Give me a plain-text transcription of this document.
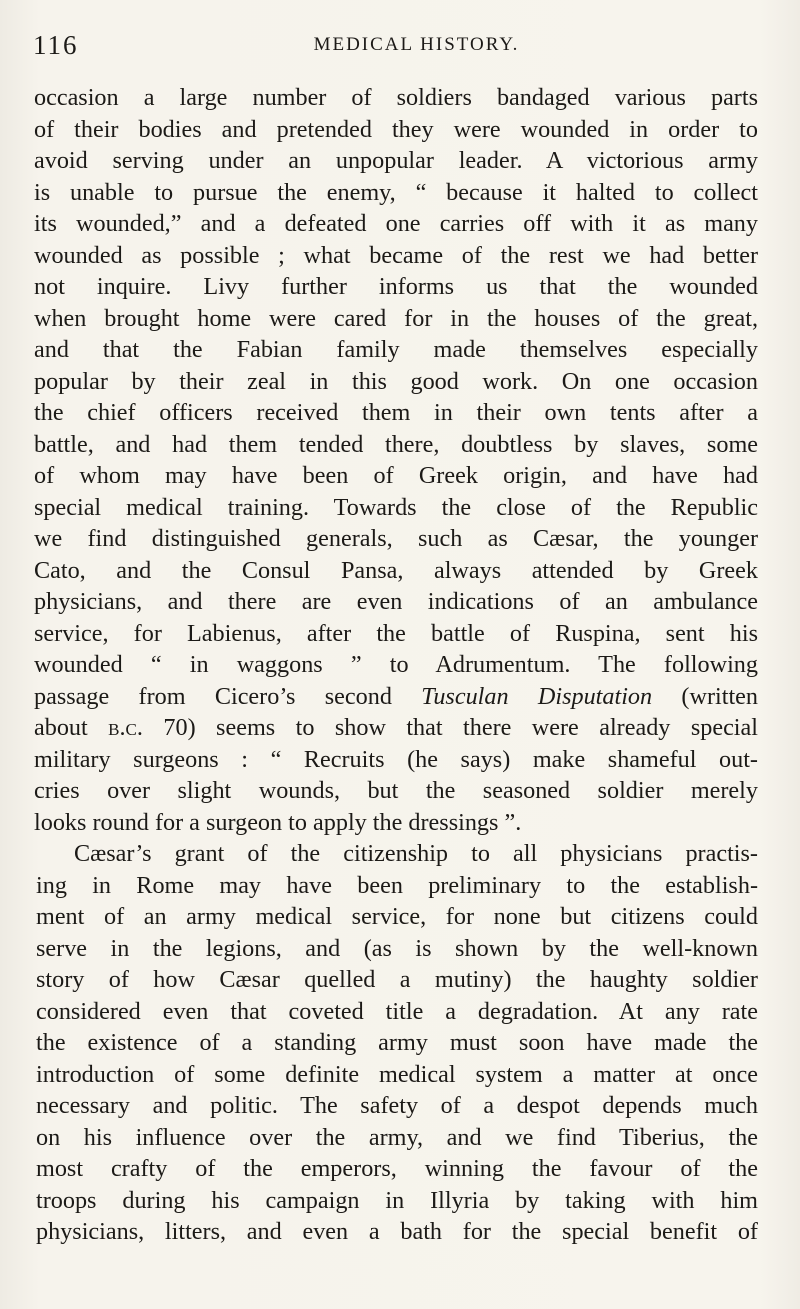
116	MEDICAL HISTORY.
occasion a large number of soldiers bandaged various parts
of their bodies and pretended they were wounded in order to
avoid serving under an unpopular leader. A victorious army
is unable to pursue the enemy, “ because it halted to collect
its wounded,” and a defeated one carries off with it as many
wounded as possible ; what became of the rest we had better
not inquire. Livy further informs us that the wounded
when brought home were cared for in the houses of the great,
and that the Fabian family made themselves especially
popular by their zeal in this good work. On one occasion
the chief officers received them in their own tents after a
battle, and had them tended there, doubtless by slaves, some
of whom may have been of Greek origin, and have had
special medical training. Towards the close of the Republic
we find distinguished generals, such as Cæsar, the younger
Cato, and the Consul Pansa, always attended by Greek
physicians, and there are even indications of an ambulance
service, for Labienus, after the battle of Ruspina, sent his
wounded “ in waggons ” to Adrumentum. The following
passage from Cicero’s second Tusculan Disputation (written
about b.c. 70) seems to show that there were already special
military surgeons : “ Recruits (he says) make shameful out-
cries over slight wounds, but the seasoned soldier merely
looks round for a surgeon to apply the dressings ”.
Cæsar’s grant of the citizenship to all physicians practis-
ing in Rome may have been preliminary to the establish-
ment of an army medical service, for none but citizens could
serve in the legions, and (as is shown by the well-known
story of how Cæsar quelled a mutiny) the haughty soldier
considered even that coveted title a degradation. At any rate
the existence of a standing army must soon have made the
introduction of some definite medical system a matter at once
necessary and politic. The safety of a despot depends much
on his influence over the army, and we find Tiberius, the
most crafty of the emperors, winning the favour of the
troops during his campaign in Illyria by taking with him
physicians, litters, and even a bath for the special benefit of
